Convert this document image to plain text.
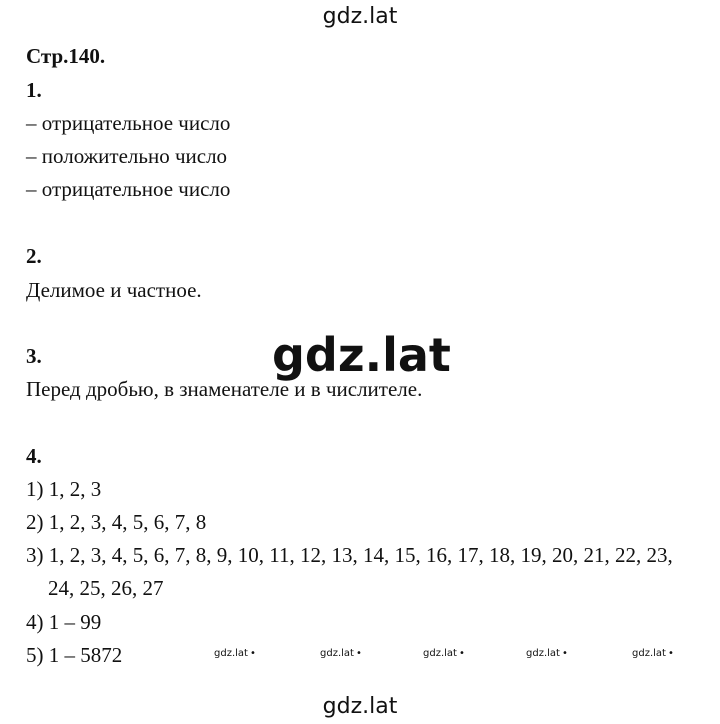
gdz.lat
Стр.140.
1.
– отрицательное число
– положительно число
– отрицательное число
2.
Делимое и частное.
3.
Перед дробью, в знаменателе и в числителе.
4.
1) 1, 2, 3
2) 1, 2, 3, 4, 5, 6, 7, 8
3) 1, 2, 3, 4, 5, 6, 7, 8, 9, 10, 11, 12, 13, 14, 15, 16, 17, 18, 19, 20, 21, 22, 23,
24, 25, 26, 27
4) 1 – 99
5) 1 – 5872
gdz.lat
gdz.lat •	gdz.lat •	gdz.lat •	gdz.lat •	gdz.lat •
gdz.lat
